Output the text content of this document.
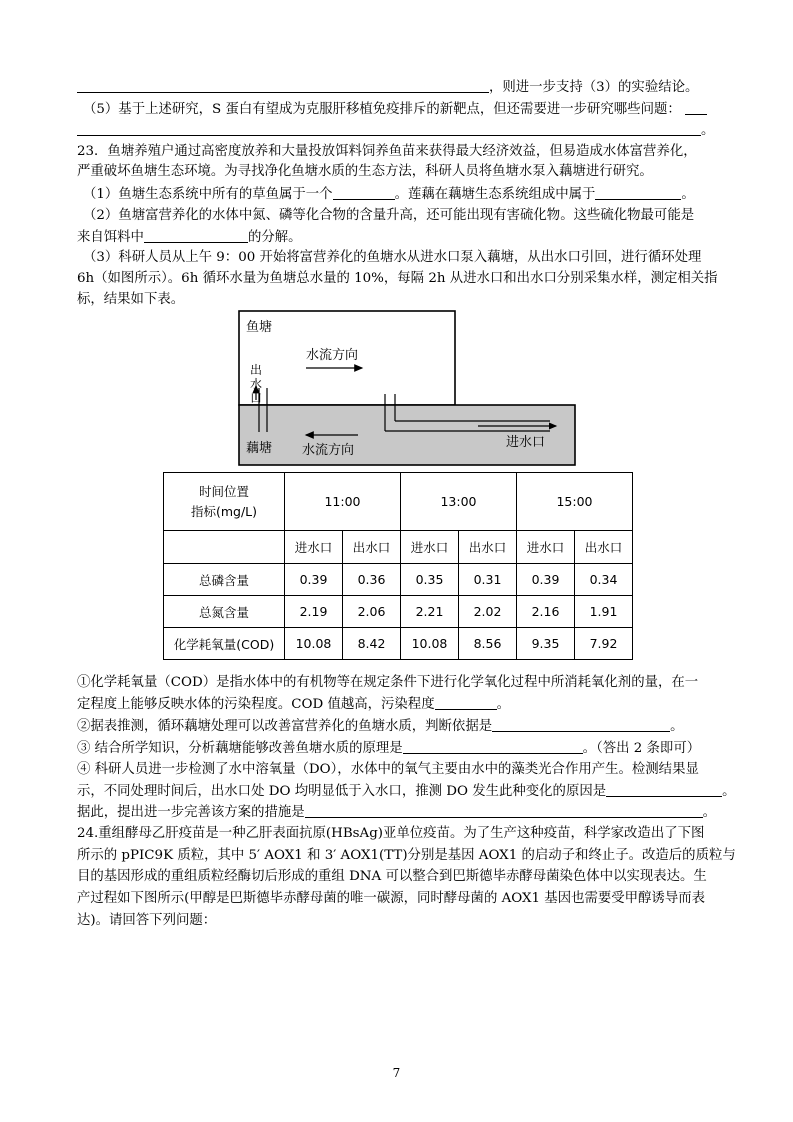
，则进一步支持（3）的实验结论。
（5）基于上述研究，S 蛋白有望成为克服肝移植免疫排斥的新靶点，但还需要进一步研究哪些问题：
。
23．鱼塘养殖户通过高密度放养和大量投放饵料饲养鱼苗来获得最大经济效益，但易造成水体富营养化，
严重破坏鱼塘生态环境。为寻找净化鱼塘水质的生态方法，科研人员将鱼塘水泵入藕塘进行研究。
（1）鱼塘生态系统中所有的草鱼属于一个	。莲藕在藕塘生态系统组成中属于	。
（2）鱼塘富营养化的水体中氮、磷等化合物的含量升高，还可能出现有害硫化物。这些硫化物最可能是
来自饵料中	的分解。
（3）科研人员从上午 9：00 开始将富营养化的鱼塘水从进水口泵入藕塘，从出水口引回，进行循环处理
6h（如图所示）。6h 循环水量为鱼塘总水量的 10%，每隔 2h 从进水口和出水口分别采集水样，测定相关指
标，结果如下表。
鱼塘
水流方向
出 水 口
藕塘 水流方向
进水口
时间位置
指标(mg/L)	11:00		13:00		15:00	
	进水口	出水口	进水口	出水口	进水口	出水口
总磷含量	0.39	0.36	0.35	0.31	0.39	0.34
总氮含量	2.19	2.06	2.21	2.02	2.16	1.91
化学耗氧量(COD)	10.08	8.42	10.08	8.56	9.35	7.92
①化学耗氧量（COD）是指水体中的有机物等在规定条件下进行化学氧化过程中所消耗氧化剂的量，在一
定程度上能够反映水体的污染程度。COD 值越高，污染程度	。
②据表推测，循环藕塘处理可以改善富营养化的鱼塘水质，判断依据是	。
③ 结合所学知识，分析藕塘能够改善鱼塘水质的原理是	。（答出 2 条即可）
④ 科研人员进一步检测了水中溶氧量（DO），水体中的氧气主要由水中的藻类光合作用产生。检测结果显
示，不同处理时间后，出水口处 DO 均明显低于入水口，推测 DO 发生此种变化的原因是	。
据此，提出进一步完善该方案的措施是	。
24.重组酵母乙肝疫苗是一种乙肝表面抗原(HBsAg)亚单位疫苗。为了生产这种疫苗，科学家改造出了下图
所示的 pPIC9K 质粒，其中 5′ AOX1 和 3′ AOX1(TT)分别是基因 AOX1 的启动子和终止子。改造后的质粒与
目的基因形成的重组质粒经酶切后形成的重组 DNA 可以整合到巴斯德毕赤酵母菌染色体中以实现表达。生
产过程如下图所示(甲醇是巴斯德毕赤酵母菌的唯一碳源，同时酵母菌的 AOX1 基因也需要受甲醇诱导而表
达)。请回答下列问题：
7
